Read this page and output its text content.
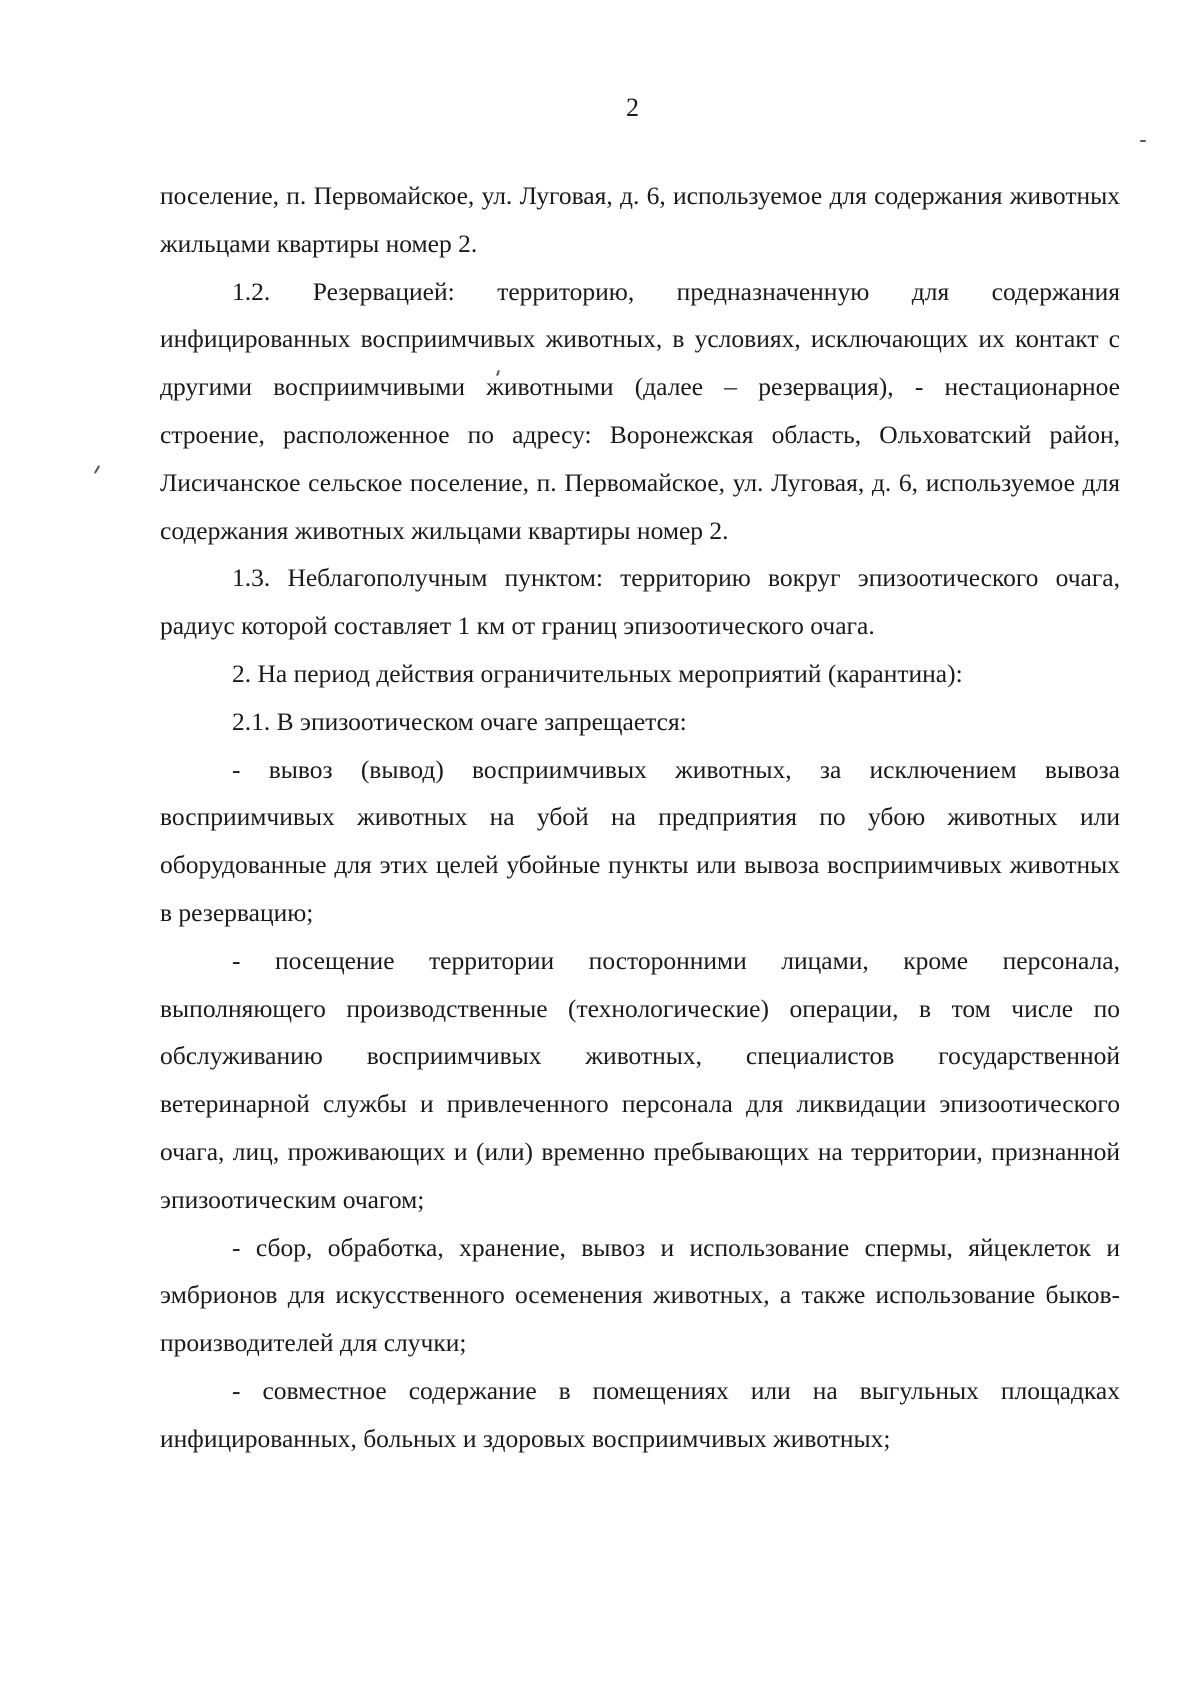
2

поселение, п. Первомайское, ул. Луговая, д. 6, используемое для содержания животных жильцами квартиры номер 2.

1.2. Резервацией: территорию, предназначенную для содержания инфицированных восприимчивых животных, в условиях, исключающих их контакт с другими восприимчивыми животными (далее – резервация), - нестационарное строение, расположенное по адресу: Воронежская область, Ольховатский район, Лисичанское сельское поселение, п. Первомайское, ул. Луговая, д. 6, используемое для содержания животных жильцами квартиры номер 2.

1.3. Неблагополучным пунктом: территорию вокруг эпизоотического очага, радиус которой составляет 1 км от границ эпизоотического очага.

2. На период действия ограничительных мероприятий (карантина):

2.1. В эпизоотическом очаге запрещается:

- вывоз (вывод) восприимчивых животных, за исключением вывоза восприимчивых животных на убой на предприятия по убою животных или оборудованные для этих целей убойные пункты или вывоза восприимчивых животных в резервацию;

- посещение территории посторонними лицами, кроме персонала, выполняющего производственные (технологические) операции, в том числе по обслуживанию восприимчивых животных, специалистов государственной ветеринарной службы и привлеченного персонала для ликвидации эпизоотического очага, лиц, проживающих и (или) временно пребывающих на территории, признанной эпизоотическим очагом;

- сбор, обработка, хранение, вывоз и использование спермы, яйцеклеток и эмбрионов для искусственного осеменения животных, а также использование быков-производителей для случки;

- совместное содержание в помещениях или на выгульных площадках инфицированных, больных и здоровых восприимчивых животных;
